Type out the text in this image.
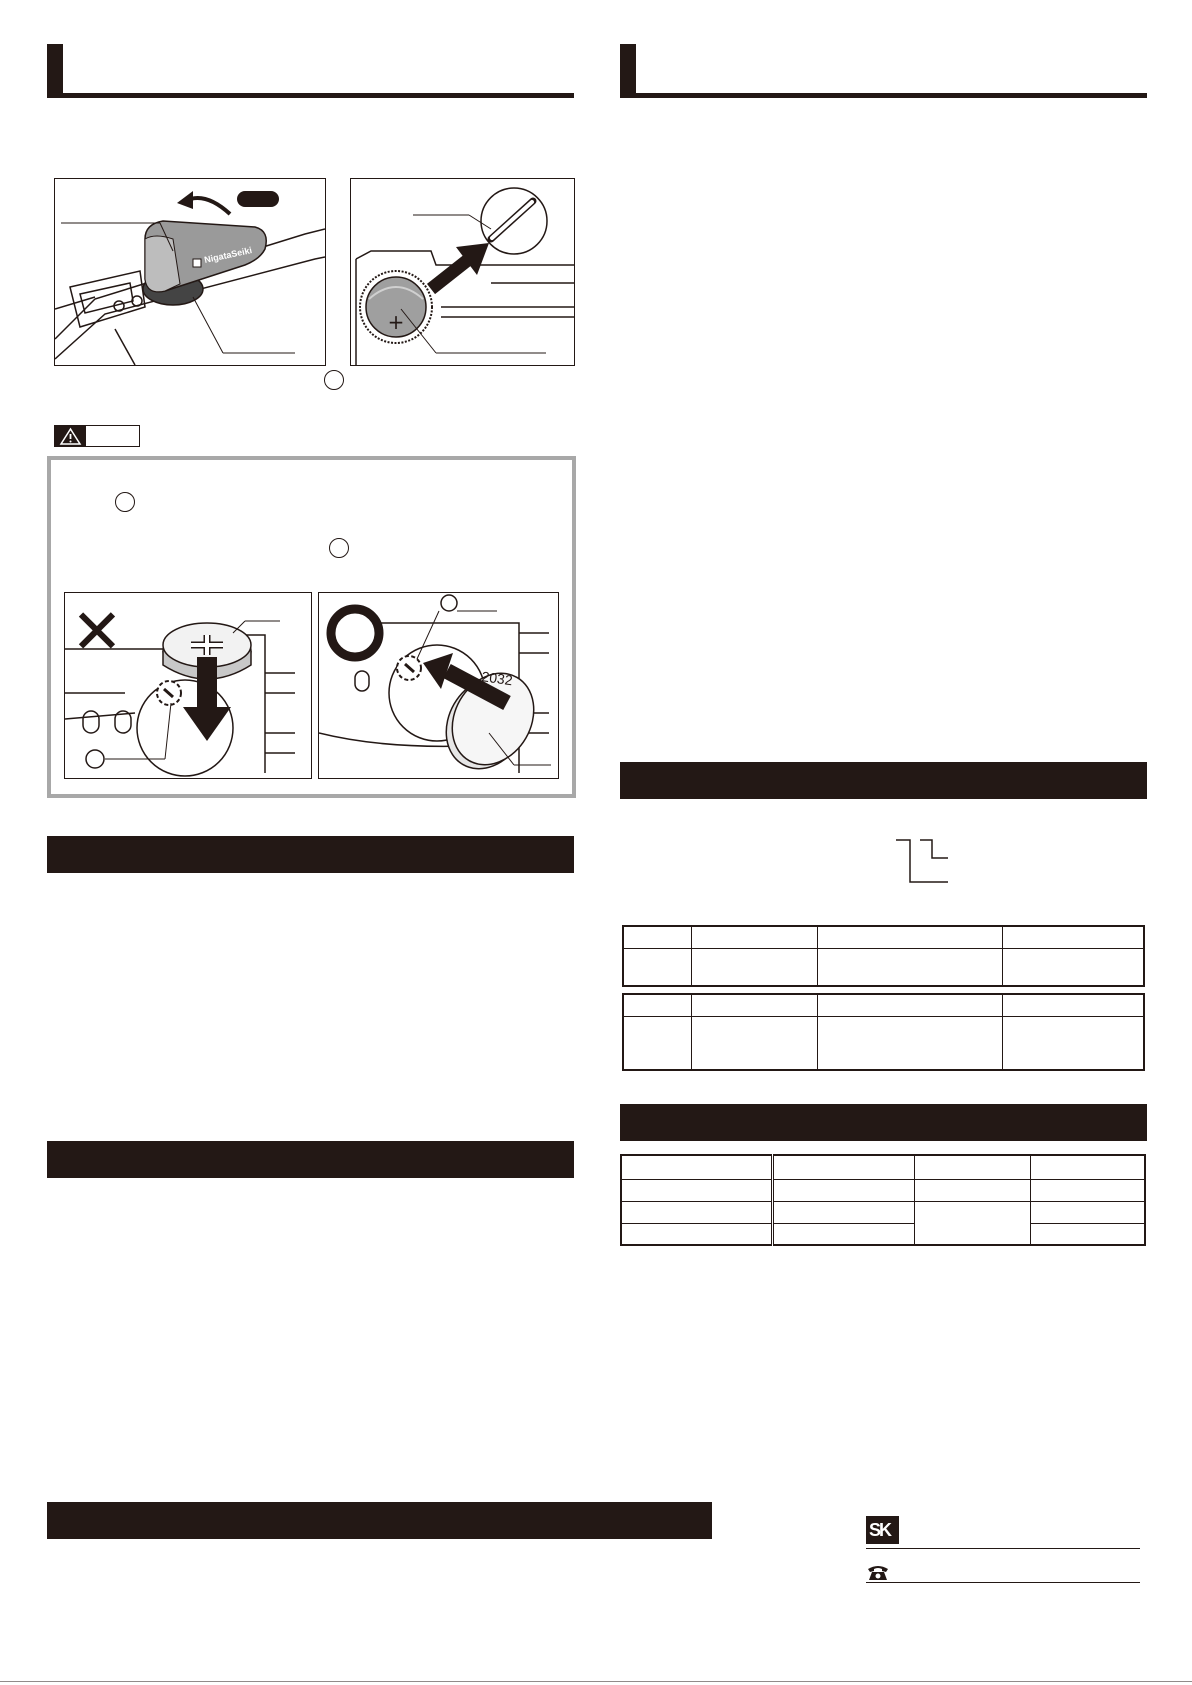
NigataSeiki
+
✕
2032

SK
